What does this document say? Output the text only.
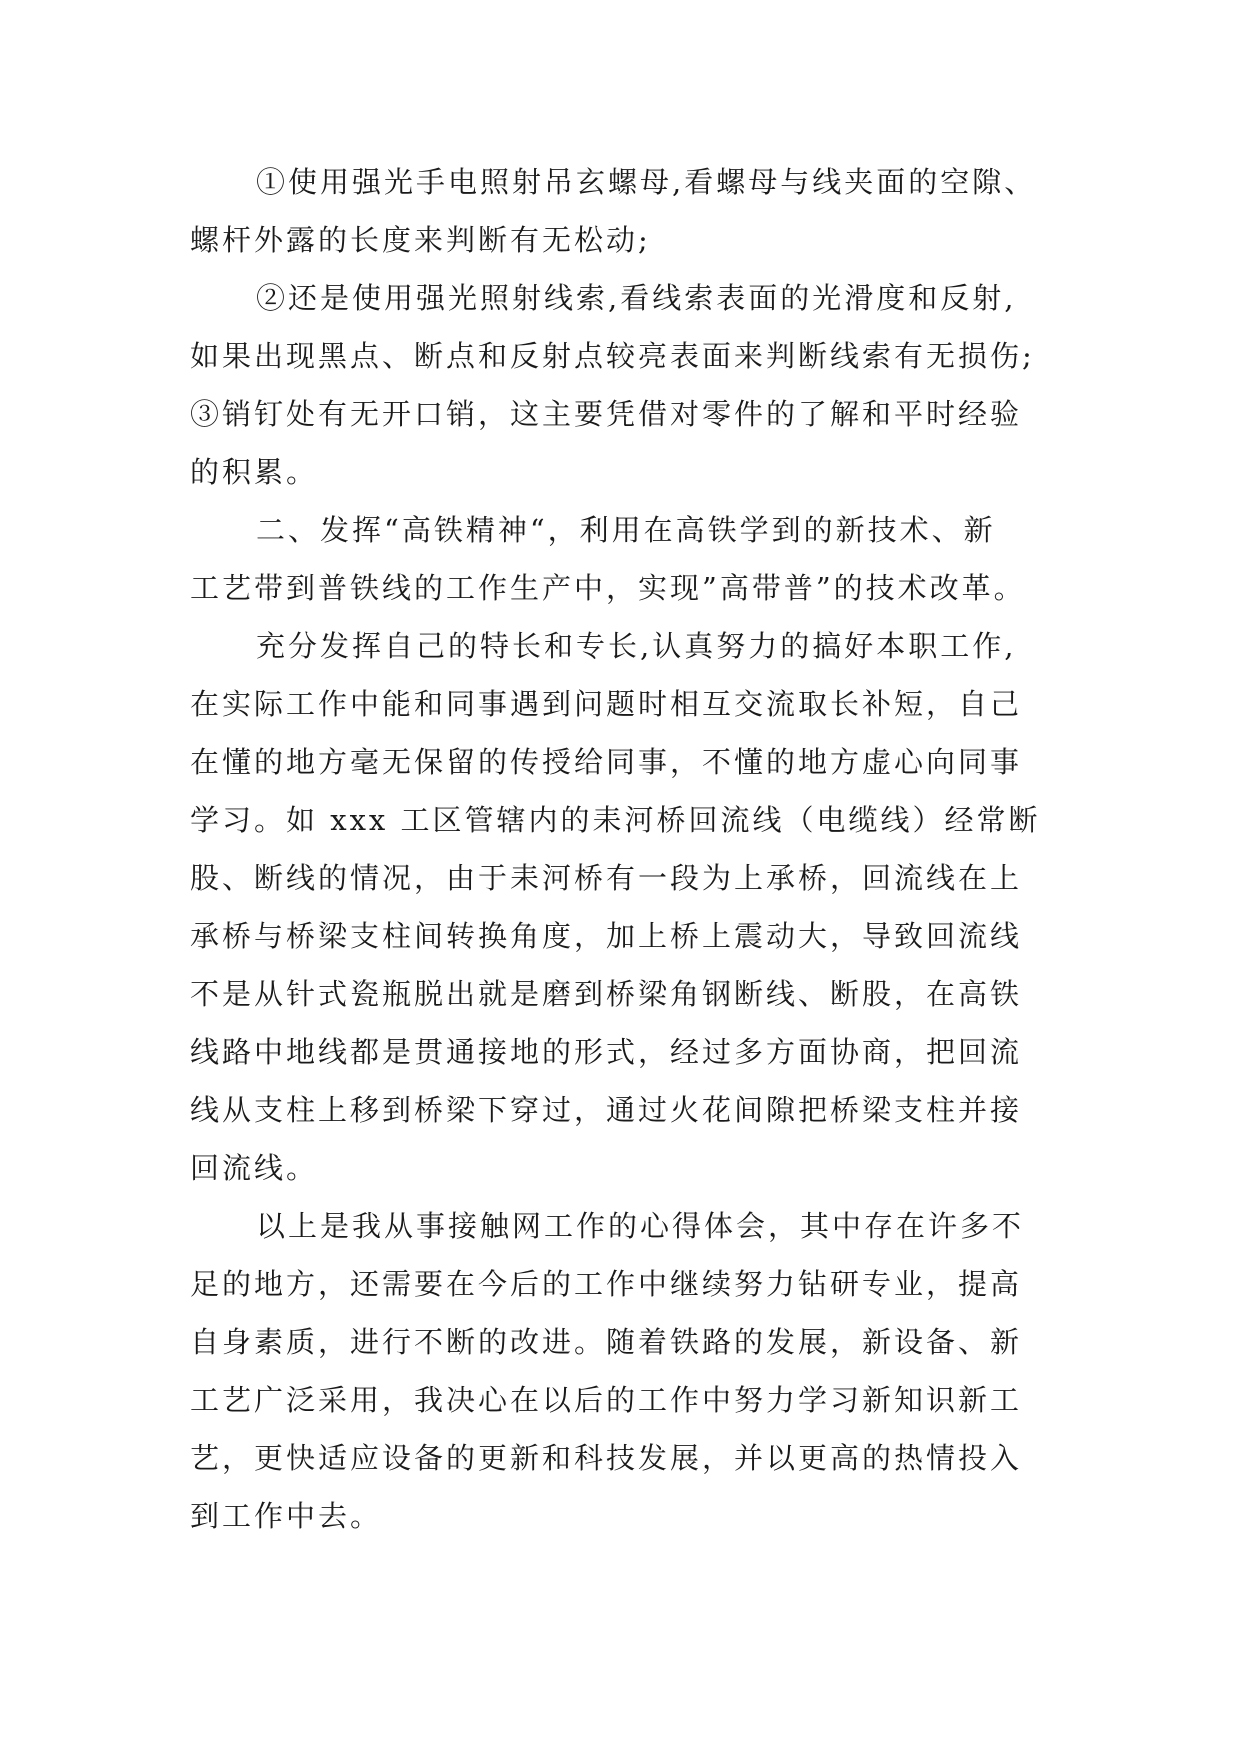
①使用强光手电照射吊玄螺母,看螺母与线夹面的空隙、
螺杆外露的长度来判断有无松动;
②还是使用强光照射线索,看线索表面的光滑度和反射,
如果出现黑点、断点和反射点较亮表面来判断线索有无损伤;
③销钉处有无开口销，这主要凭借对零件的了解和平时经验
的积累。
二、发挥“高铁精神“，利用在高铁学到的新技术、新
工艺带到普铁线的工作生产中，实现”高带普”的技术改革。
充分发挥自己的特长和专长,认真努力的搞好本职工作,
在实际工作中能和同事遇到问题时相互交流取长补短，自己
在懂的地方毫无保留的传授给同事，不懂的地方虚心向同事
学习。如 xxx 工区管辖内的耒河桥回流线（电缆线）经常断
股、断线的情况，由于耒河桥有一段为上承桥，回流线在上
承桥与桥梁支柱间转换角度，加上桥上震动大，导致回流线
不是从针式瓷瓶脱出就是磨到桥梁角钢断线、断股，在高铁
线路中地线都是贯通接地的形式，经过多方面协商，把回流
线从支柱上移到桥梁下穿过，通过火花间隙把桥梁支柱并接
回流线。
以上是我从事接触网工作的心得体会，其中存在许多不
足的地方，还需要在今后的工作中继续努力钻研专业，提高
自身素质，进行不断的改进。随着铁路的发展，新设备、新
工艺广泛采用，我决心在以后的工作中努力学习新知识新工
艺，更快适应设备的更新和科技发展，并以更高的热情投入
到工作中去。
